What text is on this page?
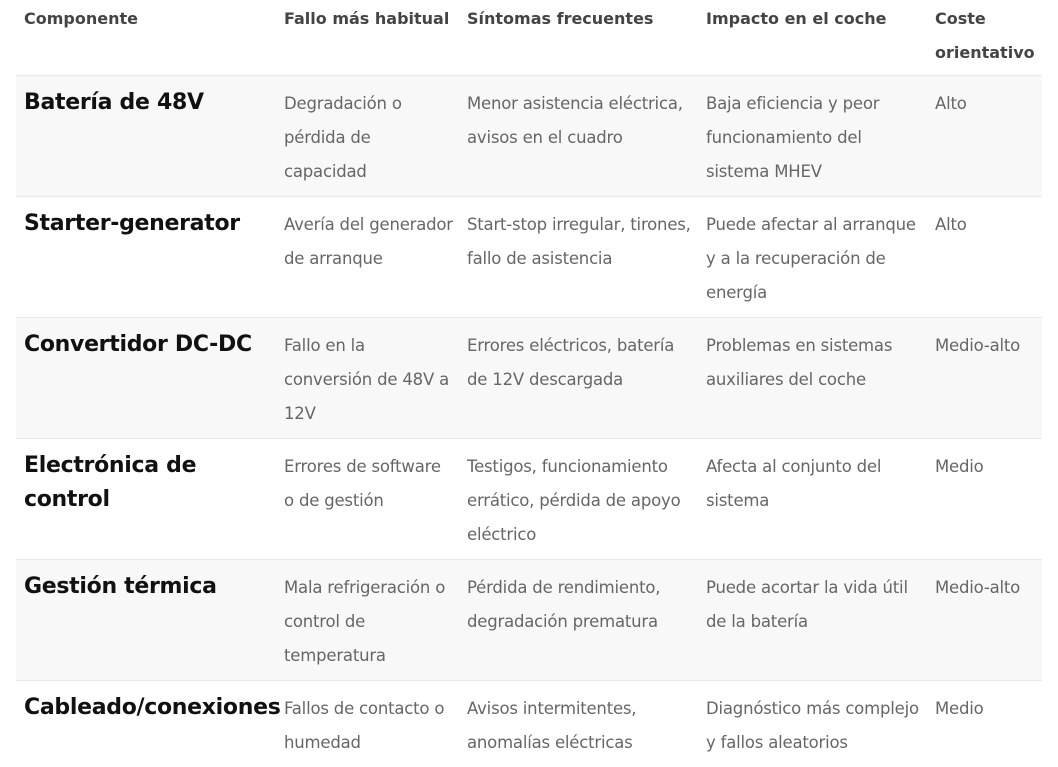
Componente	Fallo más habitual	Síntomas frecuentes	Impacto en el coche	Coste orientativo
Batería de 48V	Degradación o pérdida de capacidad	Menor asistencia eléctrica, avisos en el cuadro	Baja eficiencia y peor funcionamiento del sistema MHEV	Alto
Starter-generator	Avería del generador de arranque	Start-stop irregular, tirones, fallo de asistencia	Puede afectar al arranque y a la recuperación de energía	Alto
Convertidor DC-DC	Fallo en la conversión de 48V a 12V	Errores eléctricos, batería de 12V descargada	Problemas en sistemas auxiliares del coche	Medio-alto
Electrónica de control	Errores de software o de gestión	Testigos, funcionamiento errático, pérdida de apoyo eléctrico	Afecta al conjunto del sistema	Medio
Gestión térmica	Mala refrigeración o control de temperatura	Pérdida de rendimiento, degradación prematura	Puede acortar la vida útil de la batería	Medio-alto
Cableado/conexiones	Fallos de contacto o humedad	Avisos intermitentes, anomalías eléctricas	Diagnóstico más complejo y fallos aleatorios	Medio
